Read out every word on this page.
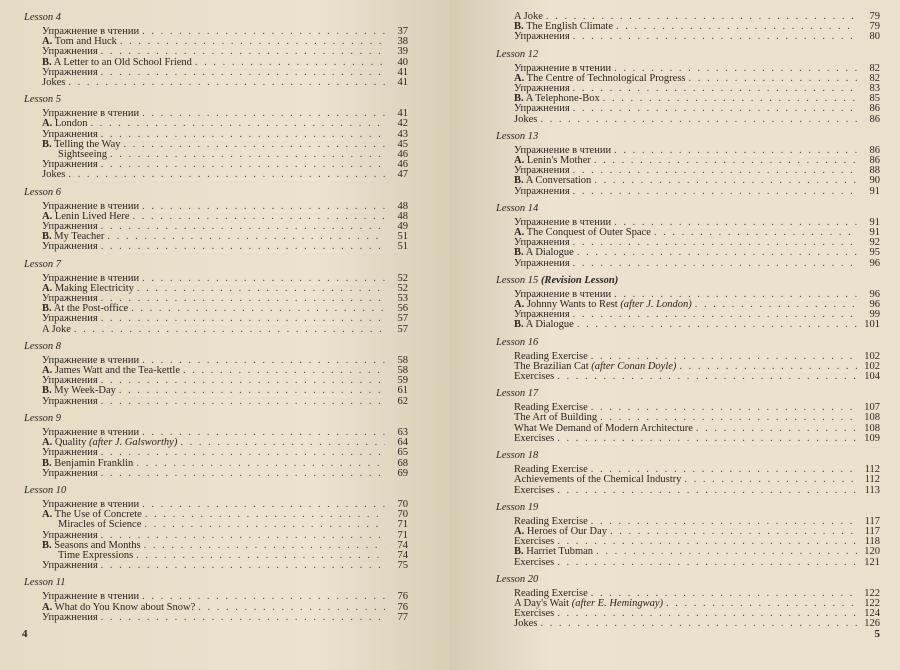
Lesson 4
Упражнение в чтении . . .	37
A. Tom and Huck . . .	38
Упражнения . . .	39
B. A Letter to an Old School Friend . . .	40
Упражнения . . .	41
Jokes . . .	41
Lesson 5
Упражнение в чтении . . .	41
A. London . . .	42
Упражнения . . .	43
B. Telling the Way . . .	45
Sightseeing . . .	46
Упражнения . . .	46
Jokes . . .	47
Lesson 6
Упражнение в чтении . . .	48
A. Lenin Lived Here . . .	48
Упражнения . . .	49
B. My Teacher . . .	51
Упражнения . . .	51
Lesson 7
Упражнение в чтении . . .	52
A. Making Electricity . . .	52
Упражнения . . .	53
B. At the Post-office . . .	56
Упражнения . . .	57
A Joke . . .	57
Lesson 8
Упражнение в чтении . . .	58
A. James Watt and the Tea-kettle . . .	58
Упражнения . . .	59
B. My Week-Day . . .	61
Упражнения . . .	62
Lesson 9
Упражнение в чтении . . .	63
A. Quality (after J. Galsworthy) . . .	64
Упражнения . . .	65
B. Benjamin Franklin . . .	68
Упражнения . . .	69
Lesson 10
Упражнение в чтении . . .	70
A. The Use of Concrete . . .	70
Miracles of Science . . .	71
Упражнения . . .	71
B. Seasons and Months . . .	74
Time Expressions . . .	74
Упражнения . . .	75
Lesson 11
Упражнение в чтении . . .	76
A. What do You Know about Snow? . . .	76
Упражнения . . .	77
4
A Joke . . .	79
B. The English Climate . . .	79
Упражнения . . .	80
Lesson 12
Упражнение в чтении . . .	82
A. The Centre of Technological Progress . . .	82
Упражнения . . .	83
B. A Telephone-Box . . .	85
Упражнения . . .	86
Jokes . . .	86
Lesson 13
Упражнение в чтении . . .	86
A. Lenin's Mother . . .	86
Упражнения . . .	88
B. A Conversation . . .	90
Упражнения . . .	91
Lesson 14
Упражнение в чтении . . .	91
A. The Conquest of Outer Space . . .	91
Упражнения . . .	92
B. A Dialogue . . .	95
Упражнения . . .	96
Lesson 15 (Revision Lesson)
Упражнение в чтении . . .	96
A. Johnny Wants to Rest (after J. London) . . .	96
Упражнения . . .	99
B. A Dialogue . . .	101
Lesson 16
Reading Exercise . . .	102
The Brazilian Cat (after Conan Doyle) . . .	102
Exercises . . .	104
Lesson 17
Reading Exercise . . .	107
The Art of Building . . .	108
What We Demand of Modern Architecture . . .	108
Exercises . . .	109
Lesson 18
Reading Exercise . . .	112
Achievements of the Chemical Industry . . .	112
Exercises . . .	113
Lesson 19
Reading Exercise . . .	117
A. Heroes of Our Day . . .	117
Exercises . . .	118
B. Harriet Tubman . . .	120
Exercises . . .	121
Lesson 20
Reading Exercise . . .	122
A Day's Wait (after E. Hemingway) . . .	122
Exercises . . .	124
Jokes . . .	126
5
